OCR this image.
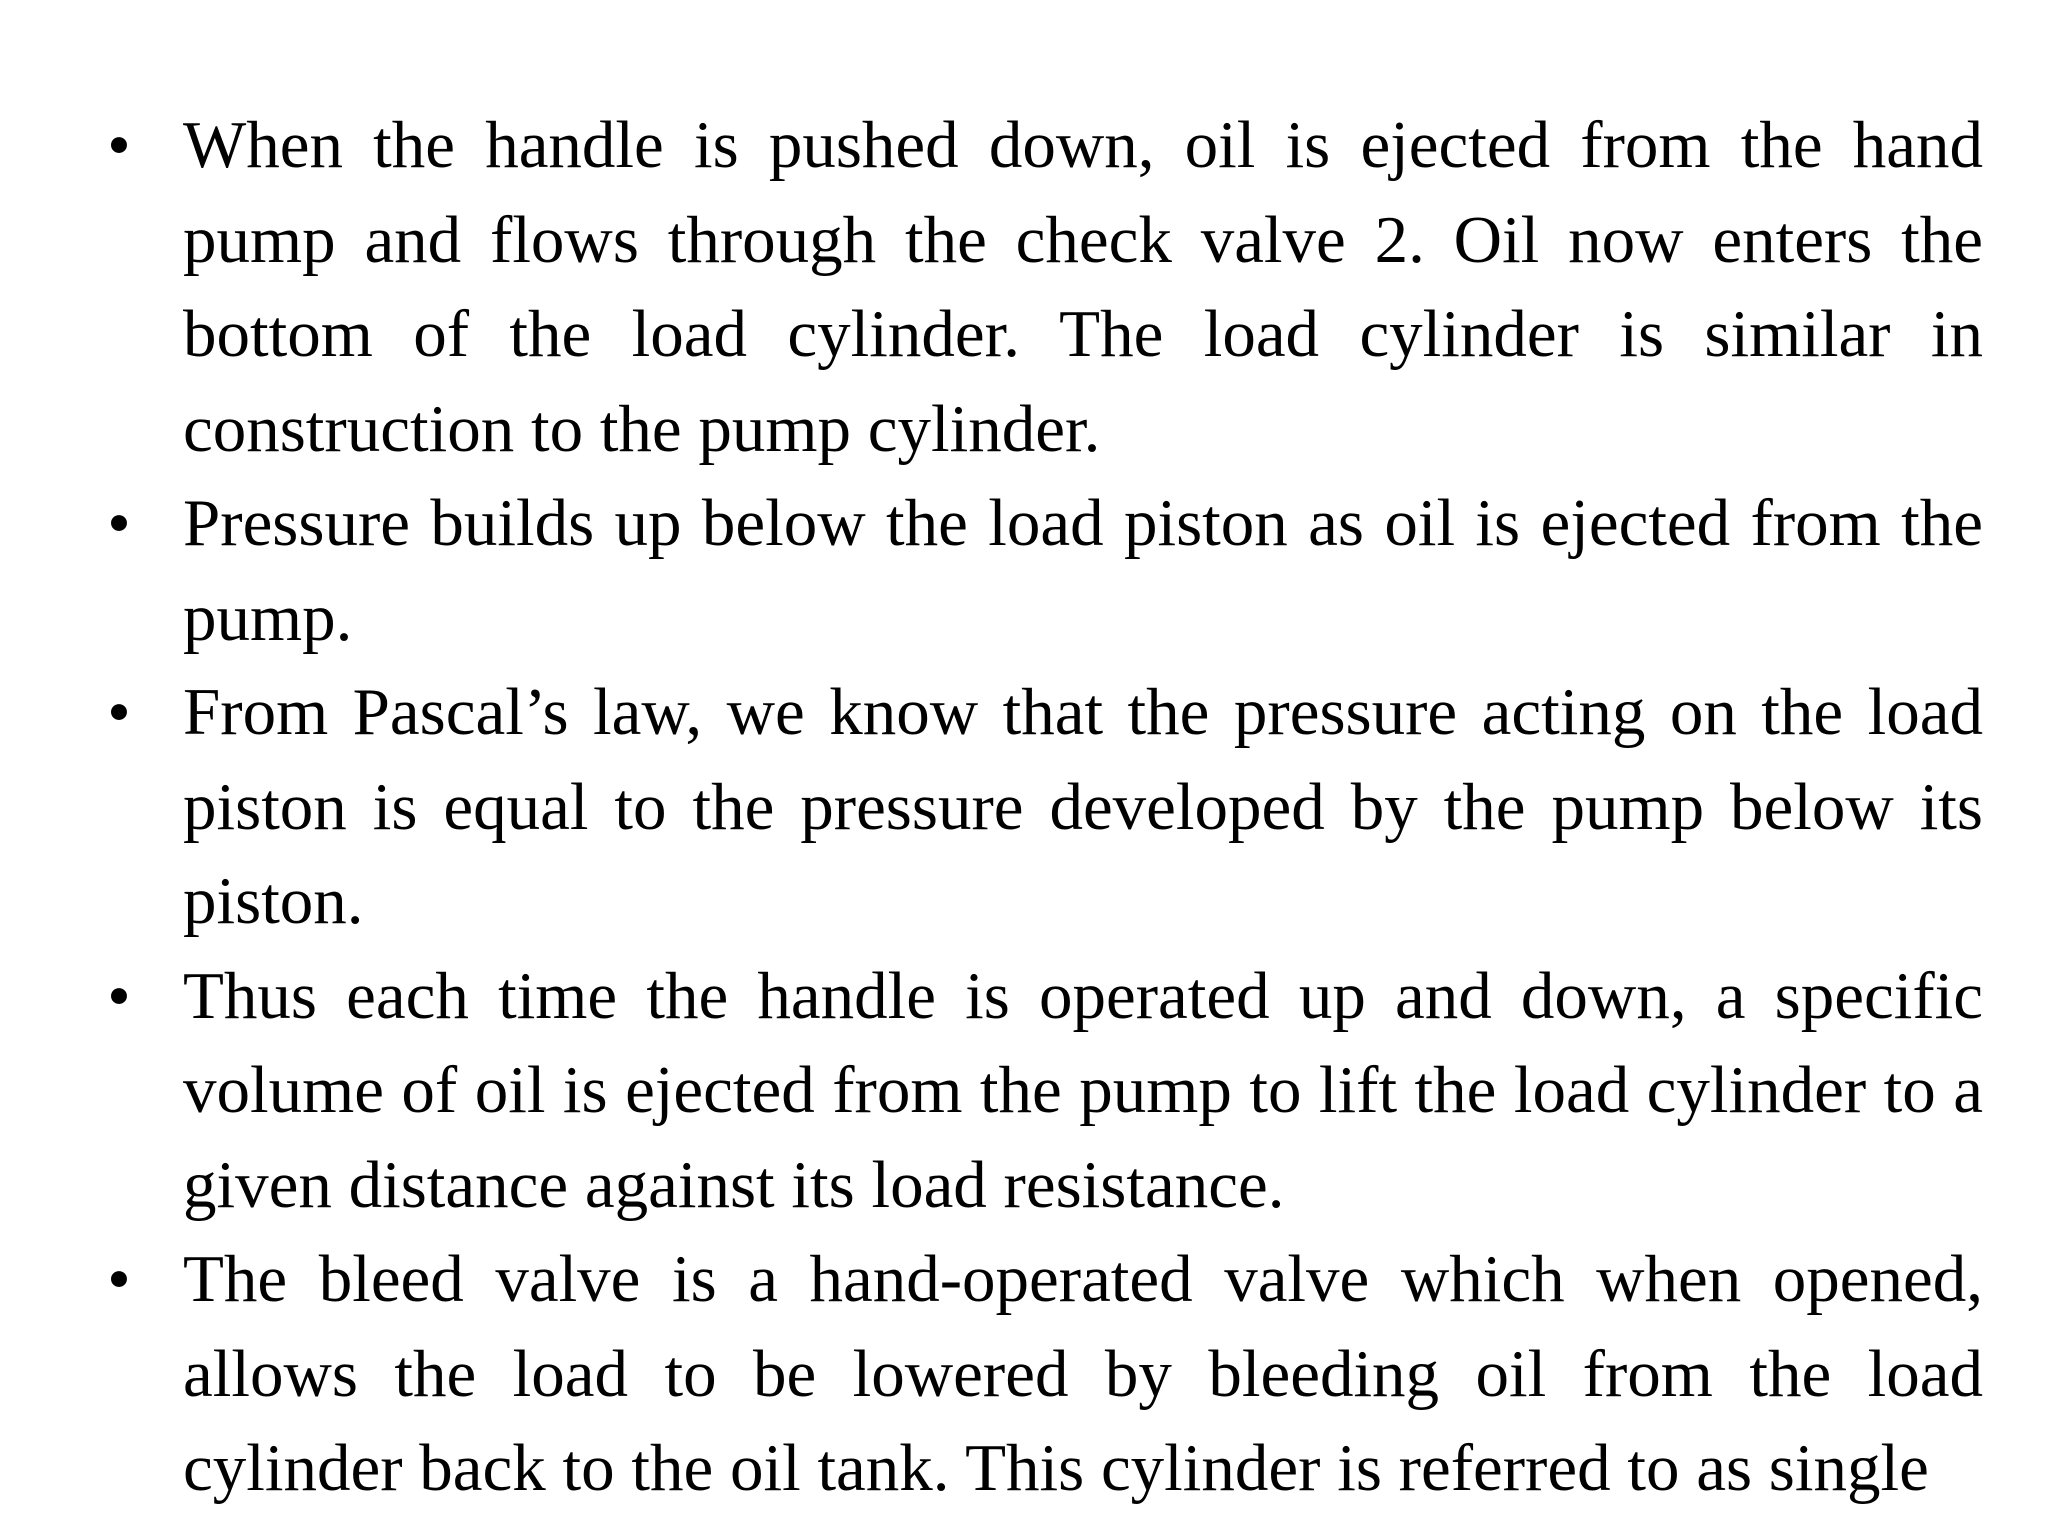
• When the handle is pushed down, oil is ejected from the hand pump and flows through the check valve 2. Oil now enters the bottom of the load cylinder. The load cylinder is similar in construction to the pump cylinder.
• Pressure builds up below the load piston as oil is ejected from the pump.
• From Pascal’s law, we know that the pressure acting on the load piston is equal to the pressure developed by the pump below its piston.
• Thus each time the handle is operated up and down, a specific volume of oil is ejected from the pump to lift the load cylinder to a given distance against its load resistance.
• The bleed valve is a hand-operated valve which when opened, allows the load to be lowered by bleeding oil from the load cylinder back to the oil tank. This cylinder is referred to as single
